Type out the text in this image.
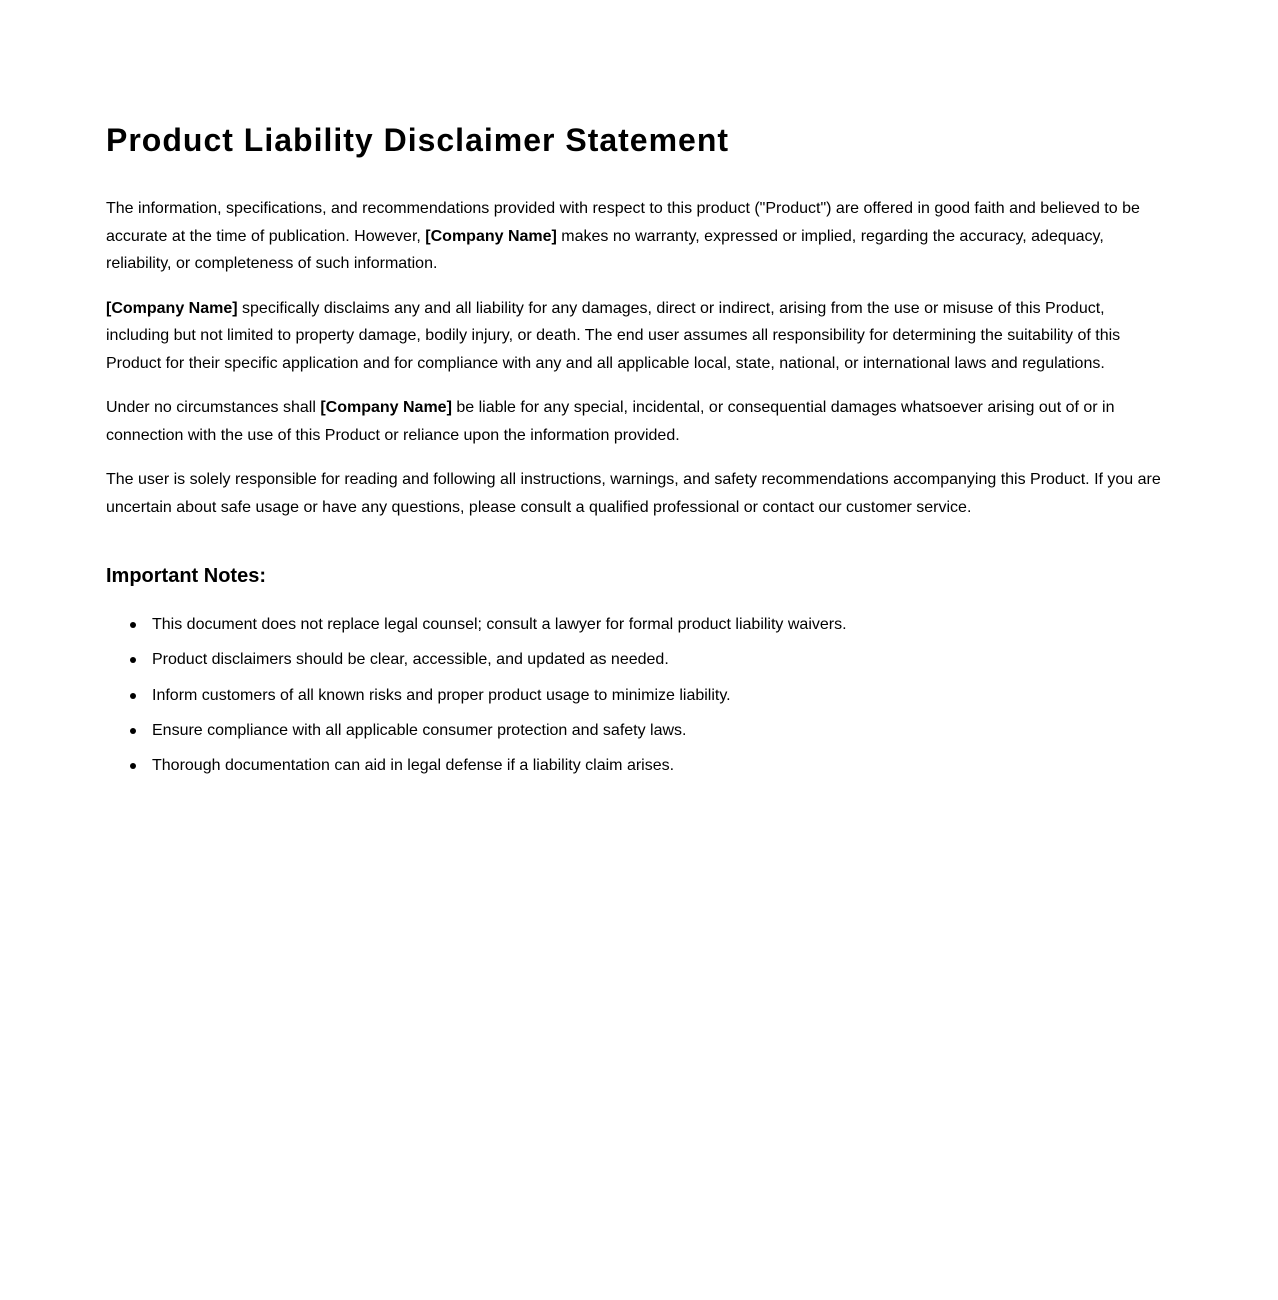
Product Liability Disclaimer Statement

The information, specifications, and recommendations provided with respect to this product ("Product") are offered in good faith and believed to be accurate at the time of publication. However, [Company Name] makes no warranty, expressed or implied, regarding the accuracy, adequacy, reliability, or completeness of such information.

[Company Name] specifically disclaims any and all liability for any damages, direct or indirect, arising from the use or misuse of this Product, including but not limited to property damage, bodily injury, or death. The end user assumes all responsibility for determining the suitability of this Product for their specific application and for compliance with any and all applicable local, state, national, or international laws and regulations.

Under no circumstances shall [Company Name] be liable for any special, incidental, or consequential damages whatsoever arising out of or in connection with the use of this Product or reliance upon the information provided.

The user is solely responsible for reading and following all instructions, warnings, and safety recommendations accompanying this Product. If you are uncertain about safe usage or have any questions, please consult a qualified professional or contact our customer service.

Important Notes:
This document does not replace legal counsel; consult a lawyer for formal product liability waivers.
Product disclaimers should be clear, accessible, and updated as needed.
Inform customers of all known risks and proper product usage to minimize liability.
Ensure compliance with all applicable consumer protection and safety laws.
Thorough documentation can aid in legal defense if a liability claim arises.
